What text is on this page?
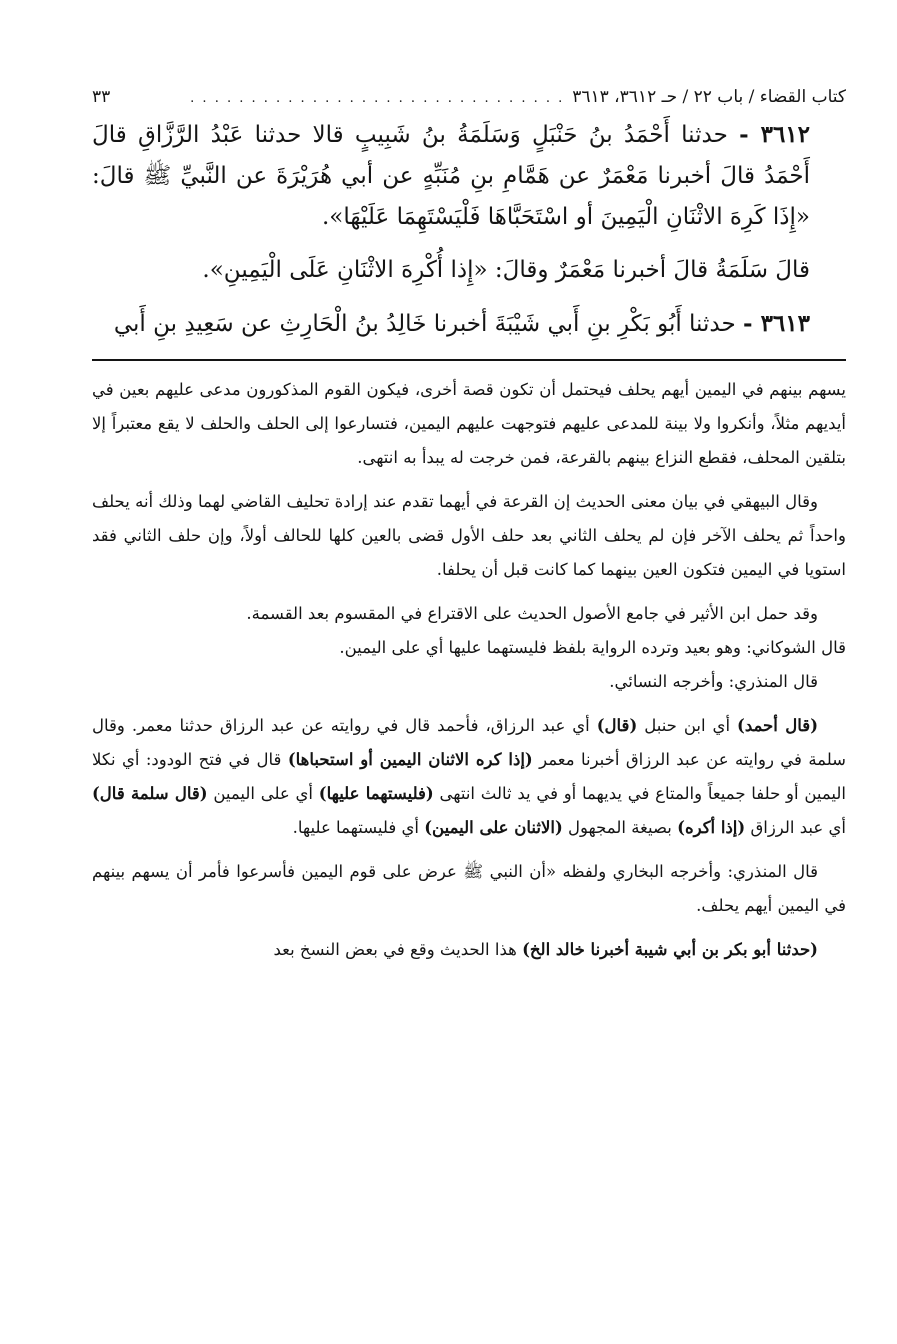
كتاب القضاء / باب ٢٢ / حـ ٣٦١٢، ٣٦١٣
. . . . . . . . . . . . . . . . . . . . . . . . . . . . . . .
٣٣

٣٦١٢ - حدثنا أَحْمَدُ بنُ حَنْبَلٍ وَسَلَمَةُ بنُ شَبِيبٍ قالا حدثنا عَبْدُ الرَّزَّاقِ قالَ أَحْمَدُ قالَ أخبرنا مَعْمَرٌ عن هَمَّامِ بنِ مُنَبِّهٍ عن أبي هُرَيْرَةَ عن النَّبيِّ ﷺ قالَ: «إِذَا كَرِهَ الاثْنَانِ الْيَمِينَ أو اسْتَحَبَّاهَا فَلْيَسْتَهِمَا عَلَيْهَا».

قالَ سَلَمَةُ قالَ أخبرنا مَعْمَرٌ وقالَ: «إِذا أُكْرِهَ الاثْنَانِ عَلَى الْيَمِينِ».

٣٦١٣ - حدثنا أَبُو بَكْرِ بنِ أَبي شَيْبَةَ أخبرنا خَالِدُ بنُ الْحَارِثِ عن سَعِيدِ بنِ أَبي

يسهم بينهم في اليمين أيهم يحلف فيحتمل أن تكون قصة أخرى، فيكون القوم المذكورون مدعى عليهم بعين في أيديهم مثلاً، وأنكروا ولا بينة للمدعى عليهم فتوجهت عليهم اليمين، فتسارعوا إلى الحلف والحلف لا يقع معتبراً إلا بتلقين المحلف، فقطع النزاع بينهم بالقرعة، فمن خرجت له يبدأ به انتهى.

وقال البيهقي في بيان معنى الحديث إن القرعة في أيهما تقدم عند إرادة تحليف القاضي لهما وذلك أنه يحلف واحداً ثم يحلف الآخر فإن لم يحلف الثاني بعد حلف الأول قضى بالعين كلها للحالف أولاً، وإن حلف الثاني فقد استويا في اليمين فتكون العين بينهما كما كانت قبل أن يحلفا.

وقد حمل ابن الأثير في جامع الأصول الحديث على الاقتراع في المقسوم بعد القسمة.
قال الشوكاني: وهو بعيد وترده الرواية بلفظ فليستهما عليها أي على اليمين.
قال المنذري: وأخرجه النسائي.

(قال أحمد) أي ابن حنبل (قال) أي عبد الرزاق، فأحمد قال في روايته عن عبد الرزاق حدثنا معمر. وقال سلمة في روايته عن عبد الرزاق أخبرنا معمر (إذا كره الاثنان اليمين أو استحباها) قال في فتح الودود: أي نكلا اليمين أو حلفا جميعاً والمتاع في يديهما أو في يد ثالث انتهى (فليستهما عليها) أي على اليمين (قال سلمة قال) أي عبد الرزاق (إذا أكره) بصيغة المجهول (الاثنان على اليمين) أي فليستهما عليها.

قال المنذري: وأخرجه البخاري ولفظه «أن النبي ﷺ عرض على قوم اليمين فأسرعوا فأمر أن يسهم بينهم في اليمين أيهم يحلف.

(حدثنا أبو بكر بن أبي شيبة أخبرنا خالد الخ) هذا الحديث وقع في بعض النسخ بعد
